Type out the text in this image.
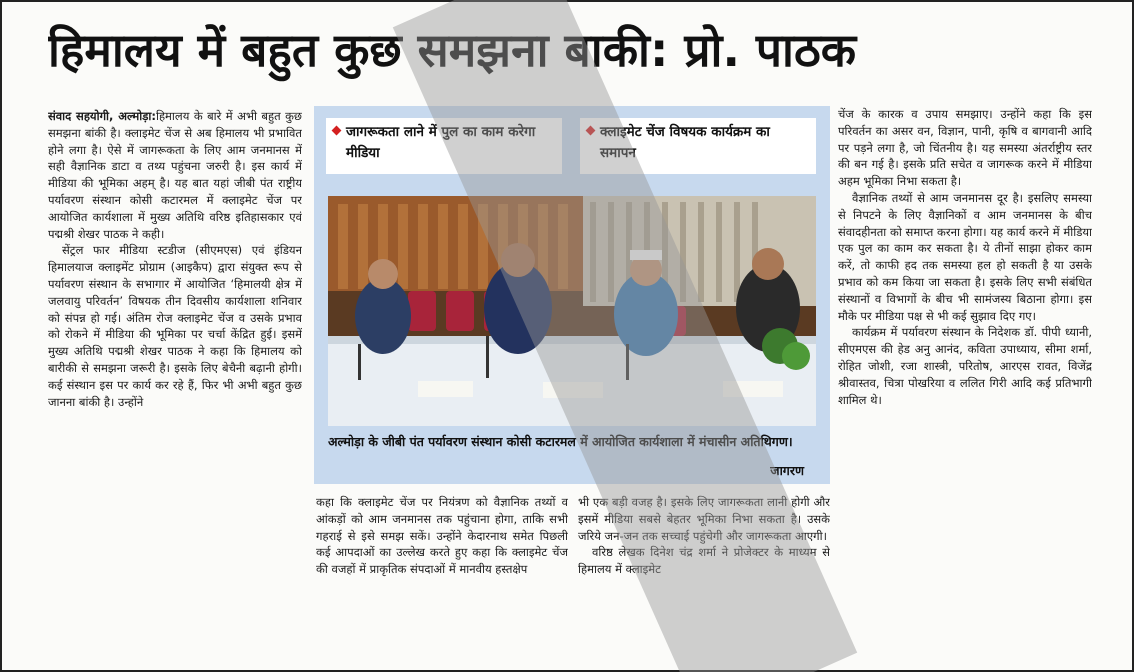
हिमालय में बहुत कुछ समझना बाकी: प्रो. पाठक

संवाद सहयोगी, अल्मोड़ा:हिमालय के बारे में अभी बहुत कुछ समझना बांकी है। क्लाइमेट चेंज से अब हिमालय भी प्रभावित होने लगा है। ऐसे में जागरूकता के लिए आम जनमानस में सही वैज्ञानिक डाटा व तथ्य पहुंचना जरुरी है। इस कार्य में मीडिया की भूमिका अहम् है। यह बात यहां जीबी पंत राष्ट्रीय पर्यावरण संस्थान कोसी कटारमल में क्लाइमेट चेंज पर आयोजित कार्यशाला में मुख्य अतिथि वरिष्ठ इतिहासकार एवं पद्मश्री शेखर पाठक ने कही।

सेंट्रल फार मीडिया स्टडीज (सीएमएस) एवं इंडियन हिमालयाज क्लाइमेंट प्रोग्राम (आइकैप) द्वारा संयुक्त रूप से पर्यावरण संस्थान के सभागार में आयोजित ‘हिमालयी क्षेत्र में जलवायु परिवर्तन’ विषयक तीन दिवसीय कार्यशाला शनिवार को संपन्न हो गई। अंतिम रोज क्लाइमेट चेंज व उसके प्रभाव को रोकने में मीडिया की भूमिका पर चर्चा केंद्रित हुई। इसमें मुख्य अतिथि पद्मश्री शेखर पाठक ने कहा कि हिमालय को बारीकी से समझना जरूरी है। इसके लिए बेचैनी बढ़ानी होगी। कई संस्थान इस पर कार्य कर रहे हैं, फिर भी अभी बहुत कुछ जानना बांकी है। उन्होंने

जागरूकता लाने में पुल का काम करेगा मीडिया
क्लाइमेट चेंज विषयक कार्यक्रम का समापन
अल्मोड़ा के जीबी पंत पर्यावरण संस्थान कोसी कटारमल में आयोजित कार्यशाला में मंचासीन अतिथिगण।
जागरण

कहा कि क्लाइमेट चेंज पर नियंत्रण को वैज्ञानिक तथ्यों व आंकड़ों को आम जनमानस तक पहुंचाना होगा, ताकि सभी गहराई से इसे समझ सकें। उन्होंने केदारनाथ समेत पिछली कई आपदाओं का उल्लेख करते हुए कहा कि क्लाइमेट चेंज की वजहों में प्राकृतिक संपदाओं में मानवीय हस्तक्षेप

भी एक बड़ी वजह है। इसके लिए जागरूकता लानी होगी और इसमें मीडिया सबसे बेहतर भूमिका निभा सकता है। उसके जरिये जन-जन तक सच्चाई पहुंचेगी और जागरूकता आएगी।

वरिष्ठ लेखक दिनेश चंद्र शर्मा ने प्रोजेक्टर के माध्यम से हिमालय में क्लाइमेट

चेंज के कारक व उपाय समझाए। उन्होंने कहा कि इस परिवर्तन का असर वन, विज्ञान, पानी, कृषि व बागवानी आदि पर पड़ने लगा है, जो चिंतनीय है। यह समस्या अंतर्राष्ट्रीय स्तर की बन गई है। इसके प्रति सचेत व जागरूक करने में मीडिया अहम भूमिका निभा सकता है।

वैज्ञानिक तथ्यों से आम जनमानस दूर है। इसलिए समस्या से निपटने के लिए वैज्ञानिकों व आम जनमानस के बीच संवादहीनता को समाप्त करना होगा। यह कार्य करने में मीडिया एक पुल का काम कर सकता है। ये तीनों साझा होकर काम करें, तो काफी हद तक समस्या हल हो सकती है या उसके प्रभाव को कम किया जा सकता है। इसके लिए सभी संबंधित संस्थानों व विभागों के बीच भी सामंजस्य बिठाना होगा। इस मौके पर मीडिया पक्ष से भी कई सुझाव दिए गए।

कार्यक्रम में पर्यावरण संस्थान के निदेशक डॉ. पीपी ध्यानी, सीएमएस की हेड अनु आनंद, कविता उपाध्याय, सीमा शर्मा, रोहित जोशी, रजा शास्त्री, परितोष, आरएस रावत, विजेंद्र श्रीवास्तव, चित्रा पोखरिया व ललित गिरी आदि कई प्रतिभागी शामिल थे।
